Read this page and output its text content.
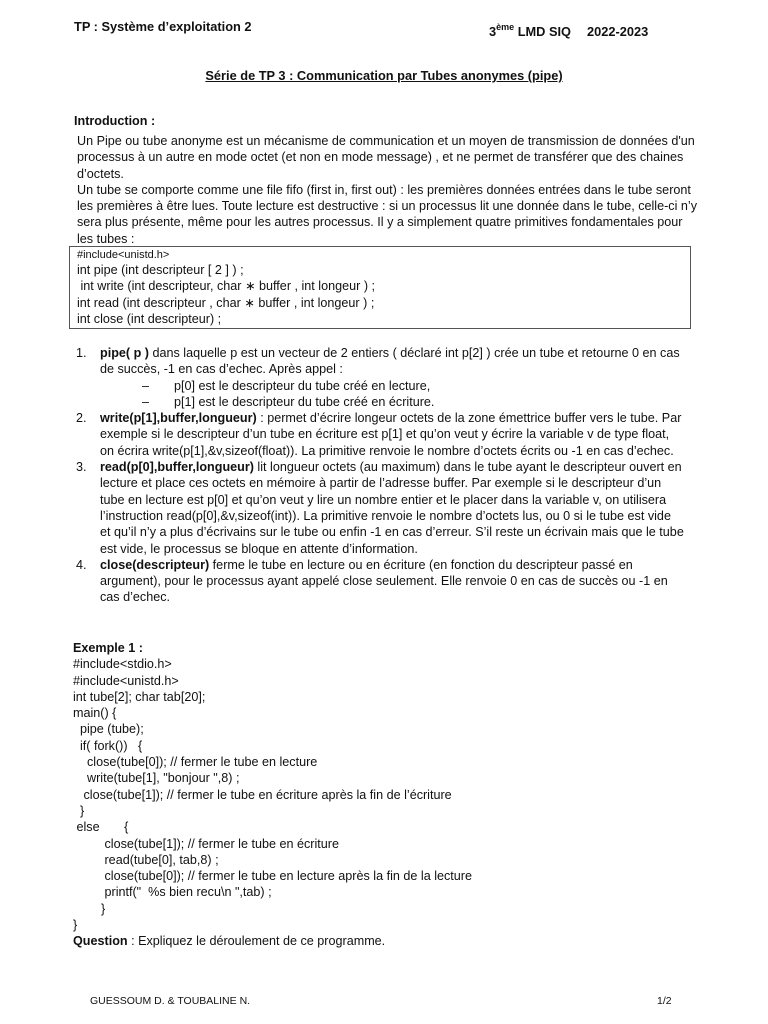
TP : Système d’exploitation 2	3ème LMD SIQ 2022-2023
Série de TP 3 : Communication par Tubes anonymes (pipe)
Introduction :

Un Pipe ou tube anonyme est un mécanisme de communication et un moyen de transmission de données d'un processus à un autre en mode octet (et non en mode message) , et ne permet de transférer que des chaines d’octets.

Un tube se comporte comme une file fifo (first in, first out) : les premières données entrées dans le tube seront les premières à être lues. Toute lecture est destructive : si un processus lit une donnée dans le tube, celle-ci n’y sera plus présente, même pour les autres processus. Il y a simplement quatre primitives fondamentales pour les tubes :

#include<unistd.h>
int pipe (int descripteur [ 2 ] ) ;
int write (int descripteur, char ∗ buffer , int longeur ) ;
int read (int descripteur , char ∗ buffer , int longeur ) ;
int close (int descripteur) ;
1. pipe( p ) dans laquelle p est un vecteur de 2 entiers ( déclaré int p[2] ) crée un tube et retourne 0 en cas de succès, -1 en cas d’echec. Après appel :
– p[0] est le descripteur du tube créé en lecture,
– p[1] est le descripteur du tube créé en écriture.
2. write(p[1],buffer,longueur) : permet d’écrire longeur octets de la zone émettrice buffer vers le tube. Par exemple si le descripteur d’un tube en écriture est p[1] et qu’on veut y écrire la variable v de type float, on écrira write(p[1],&v,sizeof(float)). La primitive renvoie le nombre d’octets écrits ou -1 en cas d’echec.
3. read(p[0],buffer,longueur) lit longueur octets (au maximum) dans le tube ayant le descripteur ouvert en lecture et place ces octets en mémoire à partir de l’adresse buffer. Par exemple si le descripteur d’un tube en lecture est p[0] et qu’on veut y lire un nombre entier et le placer dans la variable v, on utilisera l’instruction read(p[0],&v,sizeof(int)). La primitive renvoie le nombre d’octets lus, ou 0 si le tube est vide et qu’il n’y a plus d’écrivains sur le tube ou enfin -1 en cas d’erreur. S’il reste un écrivain mais que le tube est vide, le processus se bloque en attente d’information.
4. close(descripteur) ferme le tube en lecture ou en écriture (en fonction du descripteur passé en argument), pour le processus ayant appelé close seulement. Elle renvoie 0 en cas de succès ou -1 en cas d’echec.
Exemple 1 :
#include<stdio.h>
#include<unistd.h>
int tube[2]; char tab[20];
main() {
pipe (tube);
if( fork())   {
close(tube[0]); // fermer le tube en lecture
write(tube[1], "bonjour ",8) ;
close(tube[1]); // fermer le tube en écriture après la fin de l’écriture
}
else       {
close(tube[1]); // fermer le tube en écriture
read(tube[0], tab,8) ;
close(tube[0]); // fermer le tube en lecture après la fin de la lecture
printf("  %s bien recu\n ",tab) ;
}
}
Question : Expliquez le déroulement de ce programme.
GUESSOUM D. & TOUBALINE N.	1/2
